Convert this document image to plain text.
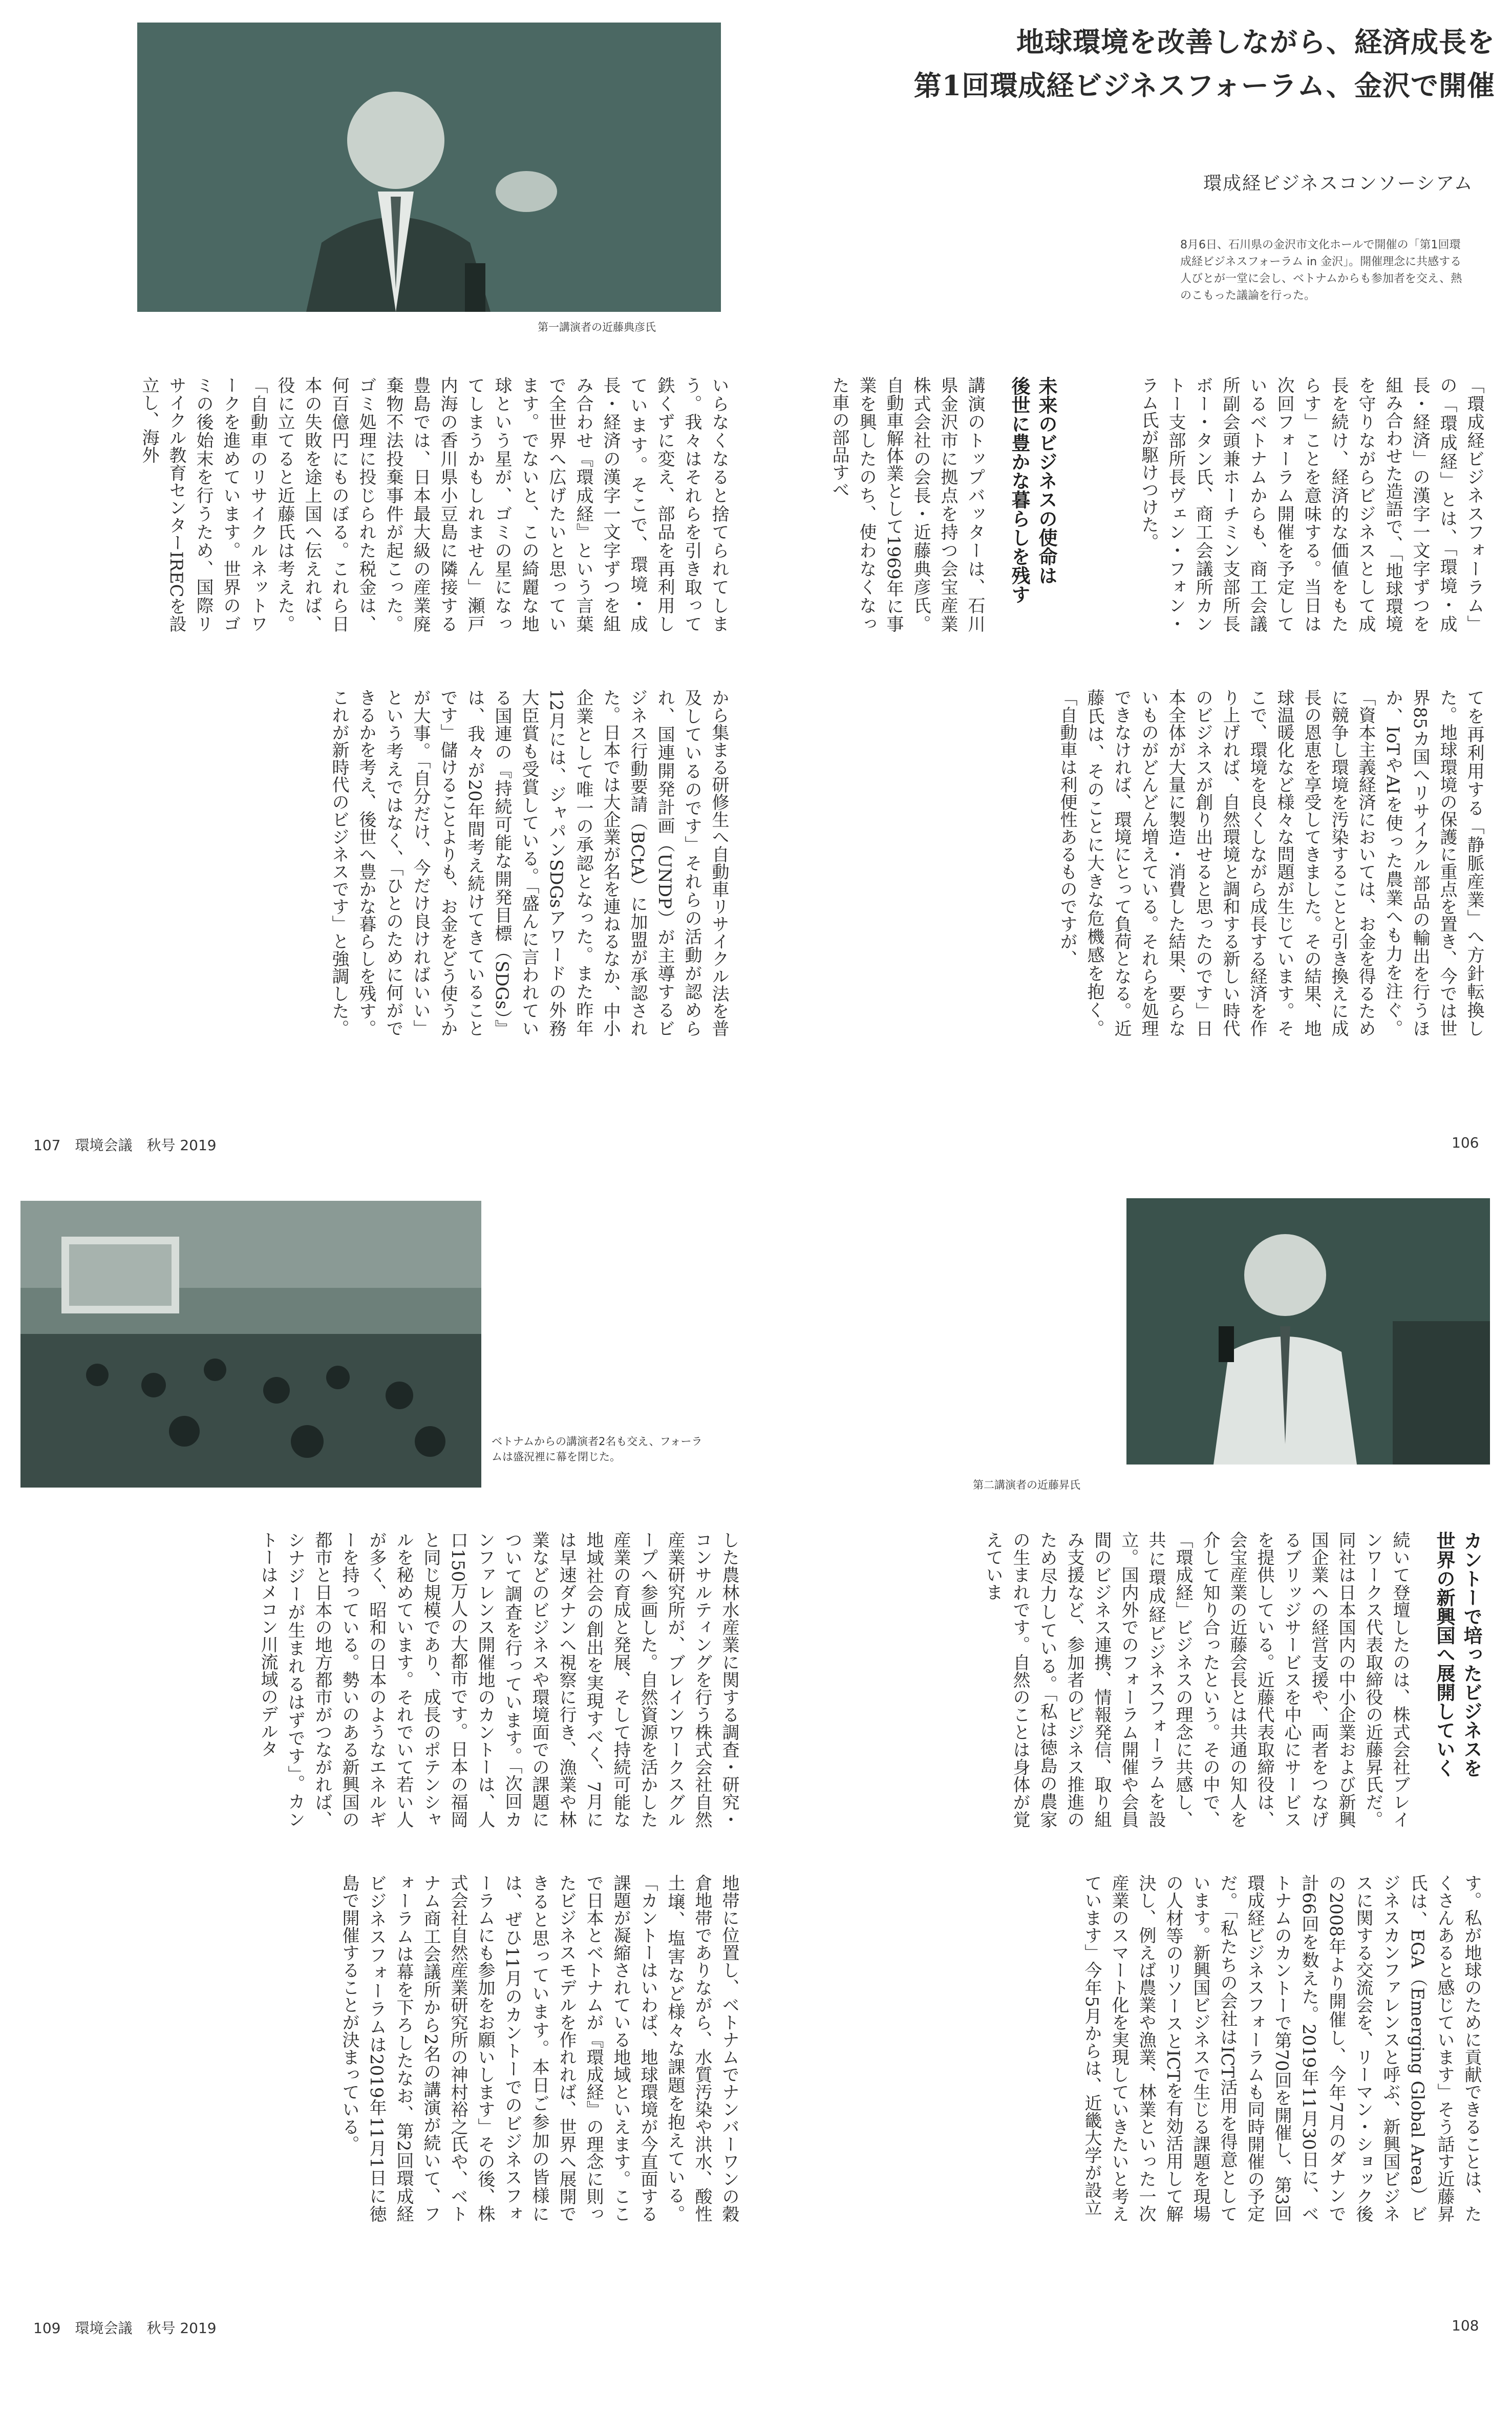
第一講演者の近藤典彦氏
地球環境を改善しながら、経済成長を
第1回環成経ビジネスフォーラム、金沢で開催
環成経ビジネスコンソーシアム
8月6日、石川県の金沢市文化ホールで開催の「第1回環成経ビジネスフォーラム in 金沢」。開催理念に共感する人びとが一堂に会し、ベトナムからも参加者を交え、熱のこもった議論を行った。
「環成経ビジネスフォーラム」の「環成経」とは、「環境・成長・経済」の漢字一文字ずつを組み合わせた造語で、「地球環境を守りながらビジネスとして成長を続け、経済的な価値をもたらす」ことを意味する。当日は次回フォーラム開催を予定しているベトナムからも、商工会議所副会頭兼ホーチミン支部所長ボー・タン氏、商工会議所カントー支部所長ヴェン・フォン・ラム氏が駆けつけた。
未来のビジネスの使命は
後世に豊かな暮らしを残す
講演のトップバッターは、石川県金沢市に拠点を持つ会宝産業株式会社の会長・近藤典彦氏。自動車解体業として1969年に事業を興したのち、使わなくなった車の部品すべ
てを再利用する「静脈産業」へ方針転換した。地球環境の保護に重点を置き、今では世界85カ国へリサイクル部品の輸出を行うほか、IoTやAIを使った農業へも力を注ぐ。「資本主義経済においては、お金を得るために競争し環境を汚染することと引き換えに成長の恩恵を享受してきました。その結果、地球温暖化など様々な問題が生じています。そこで、環境を良くしながら成長する経済を作り上げれば、自然環境と調和する新しい時代のビジネスが創り出せると思ったのです」日本全体が大量に製造・消費した結果、要らないものがどんどん増えている。それらを処理できなければ、環境にとって負荷となる。近藤氏は、そのことに大きな危機感を抱く。「自動車は利便性あるものですが、
いらなくなると捨てられてしまう。我々はそれらを引き取って鉄くずに変え、部品を再利用しています。そこで、環境・成長・経済の漢字一文字ずつを組み合わせ『環成経』という言葉で全世界へ広げたいと思っています。でないと、この綺麗な地球という星が、ゴミの星になってしまうかもしれません」瀬戸内海の香川県小豆島に隣接する豊島では、日本最大級の産業廃棄物不法投棄事件が起こった。ゴミ処理に投じられた税金は、何百億円にものぼる。これら日本の失敗を途上国へ伝えれば、役に立てると近藤氏は考えた。「自動車のリサイクルネットワークを進めています。世界のゴミの後始末を行うため、国際リサイクル教育センターIRECを設立し、海外
から集まる研修生へ自動車リサイクル法を普及しているのです」それらの活動が認められ、国連開発計画（UNDP）が主導するビジネス行動要請（BCtA）に加盟が承認された。日本では大企業が名を連ねるなか、中小企業として唯一の承認となった。また昨年12月には、ジャパンSDGsアワードの外務大臣賞も受賞している。「盛んに言われている国連の『持続可能な開発目標（SDGs）』は、我々が20年間考え続けてきていることです」儲けることよりも、お金をどう使うかが大事。「自分だけ、今だけ良ければいい」という考えではなく、「ひとのために何ができるかを考え、後世へ豊かな暮らしを残す。これが新時代のビジネスです」と強調した。
107　環境会議　秋号 2019	106
ベトナムからの講演者2名も交え、フォーラムは盛況裡に幕を閉じた。
第二講演者の近藤昇氏
カントーで培ったビジネスを
世界の新興国へ展開していく
続いて登壇したのは、株式会社ブレインワークス代表取締役の近藤昇氏だ。同社は日本国内の中小企業および新興国企業への経営支援や、両者をつなげるブリッジサービスを中心にサービスを提供している。近藤代表取締役は、会宝産業の近藤会長とは共通の知人を介して知り合ったという。その中で、「環成経」ビジネスの理念に共感し、共に環成経ビジネスフォーラムを設立。国内外でのフォーラム開催や会員間のビジネス連携、情報発信、取り組み支援など、参加者のビジネス推進のため尽力している。「私は徳島の農家の生まれです。自然のことは身体が覚えていま
す。私が地球のために貢献できることは、たくさんあると感じています」そう話す近藤昇氏は、EGA（Emerging Global Area）ビジネスカンファレンスと呼ぶ、新興国ビジネスに関する交流会を、リーマン・ショック後の2008年より開催し、今年7月のダナンで計66回を数えた。2019年11月30日に、ベトナムのカントーで第70回を開催し、第3回環成経ビジネスフォーラムも同時開催の予定だ。「私たちの会社はICT活用を得意としています。新興国ビジネスで生じる課題を現場の人材等のリソースとICTを有効活用して解決し、例えば農業や漁業、林業といった一次産業のスマート化を実現していきたいと考えています」今年5月からは、近畿大学が設立
した農林水産業に関する調査・研究・コンサルティングを行う株式会社自然産業研究所が、ブレインワークスグループへ参画した。自然資源を活かした産業の育成と発展、そして持続可能な地域社会の創出を実現すべく、7月には早速ダナンへ視察に行き、漁業や林業などのビジネスや環境面での課題について調査を行っています。「次回カンファレンス開催地のカントーは、人口150万人の大都市です。日本の福岡と同じ規模であり、成長のポテンシャルを秘めています。それでいて若い人が多く、昭和の日本のようなエネルギーを持っている。勢いのある新興国の都市と日本の地方都市がつながれば、シナジーが生まれるはずです」。カントーはメコン川流域のデルタ
地帯に位置し、ベトナムでナンバーワンの穀倉地帯でありながら、水質汚染や洪水、酸性土壌、塩害など様々な課題を抱えている。「カントーはいわば、地球環境が今直面する課題が凝縮されている地域といえます。ここで日本とベトナムが『環成経』の理念に則ったビジネスモデルを作れれば、世界へ展開できると思っています。本日ご参加の皆様には、ぜひ11月のカントーでのビジネスフォーラムにも参加をお願いします」その後、株式会社自然産業研究所の神村裕之氏や、ベトナム商工会議所から2名の講演が続いて、フォーラムは幕を下ろしたなお、第2回環成経ビジネスフォーラムは2019年11月1日に徳島で開催することが決まっている。
109　環境会議　秋号 2019	108
